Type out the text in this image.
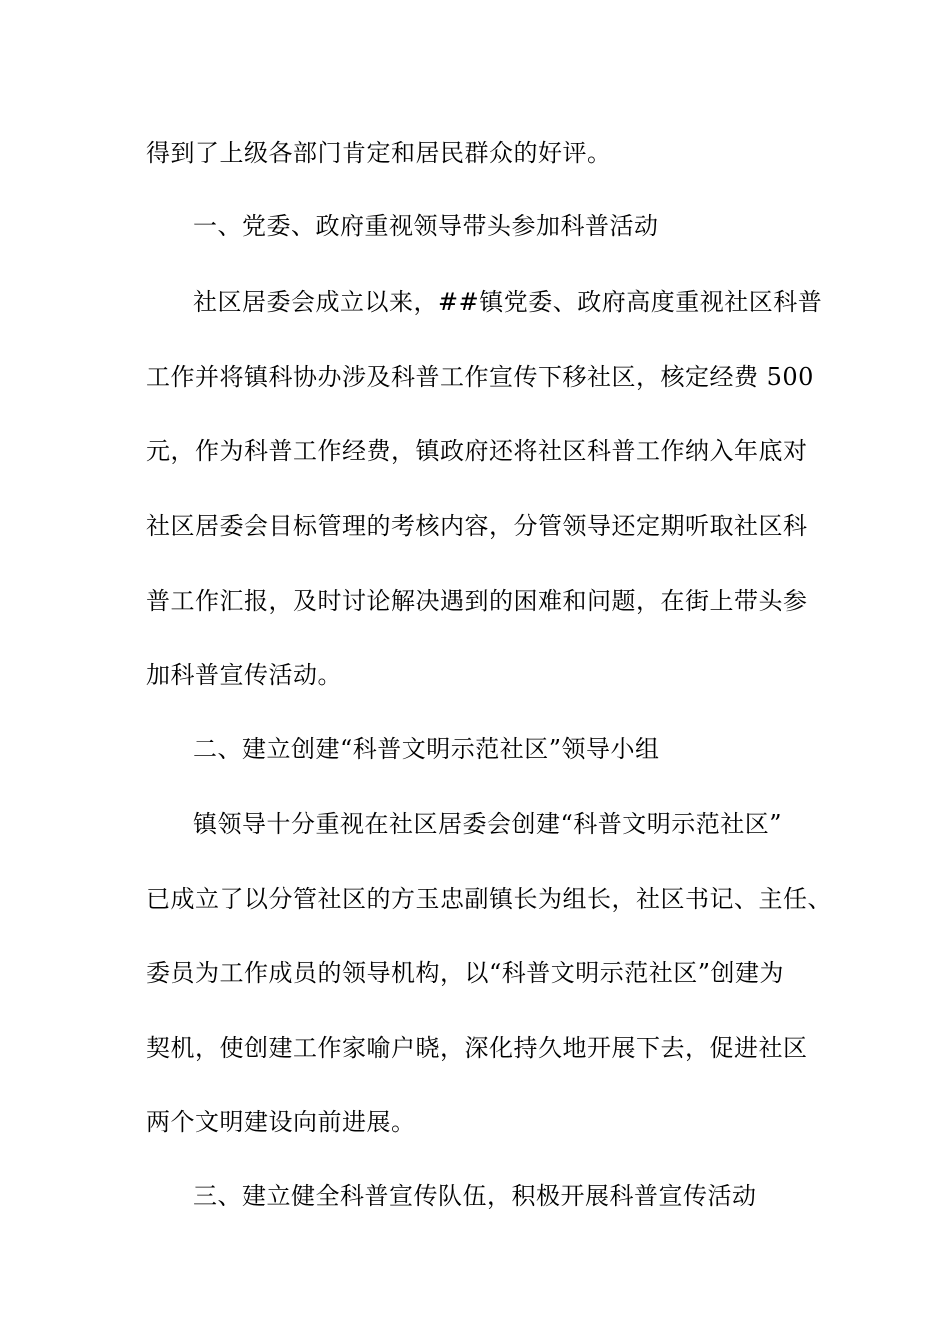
得到了上级各部门肯定和居民群众的好评。
一、党委、政府重视领导带头参加科普活动
社区居委会成立以来，##镇党委、政府高度重视社区科普
工作并将镇科协办涉及科普工作宣传下移社区，核定经费 500
元，作为科普工作经费，镇政府还将社区科普工作纳入年底对
社区居委会目标管理的考核内容，分管领导还定期听取社区科
普工作汇报，及时讨论解决遇到的困难和问题，在街上带头参
加科普宣传活动。
二、建立创建“科普文明示范社区”领导小组
镇领导十分重视在社区居委会创建“科普文明示范社区”
已成立了以分管社区的方玉忠副镇长为组长，社区书记、主任、
委员为工作成员的领导机构，以“科普文明示范社区”创建为
契机，使创建工作家喻户晓，深化持久地开展下去，促进社区
两个文明建设向前进展。
三、建立健全科普宣传队伍，积极开展科普宣传活动
